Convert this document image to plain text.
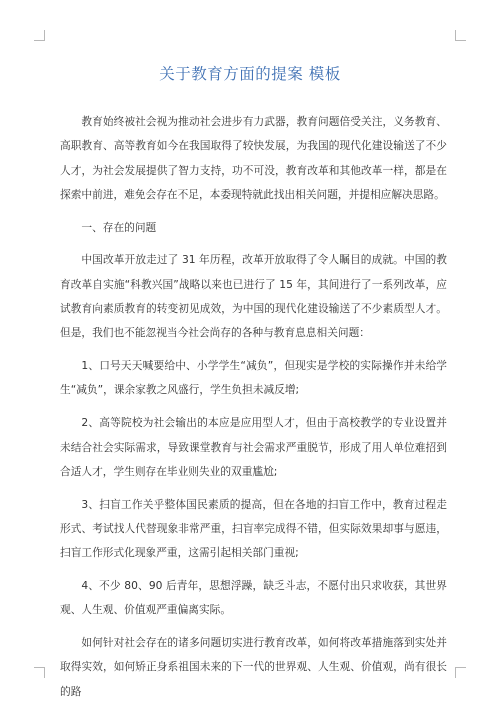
关于教育方面的提案 模板

教育始终被社会视为推动社会进步有力武器，教育问题倍受关注，义务教育、高职教育、高等教育如今在我国取得了较快发展，为我国的现代化建设输送了不少人才，为社会发展提供了智力支持，功不可没，教育改革和其他改革一样，都是在探索中前进，难免会存在不足，本委现特就此找出相关问题，并提相应解决思路。

一、存在的问题

中国改革开放走过了 31 年历程，改革开放取得了令人瞩目的成就。中国的教育改革自实施“科教兴国”战略以来也已进行了 15 年，其间进行了一系列改革，应试教育向素质教育的转变初见成效，为中国的现代化建设输送了不少素质型人才。但是，我们也不能忽视当今社会尚存的各种与教育息息相关问题：

1、口号天天喊要给中、小学学生“减负”，但现实是学校的实际操作并未给学生“减负”，课余家教之风盛行，学生负担未减反增;

2、高等院校为社会输出的本应是应用型人才，但由于高校教学的专业设置并未结合社会实际需求，导致课堂教育与社会需求严重脱节，形成了用人单位难招到合适人才，学生则存在毕业则失业的双重尴尬;

3、扫盲工作关乎整体国民素质的提高，但在各地的扫盲工作中，教育过程走形式、考试找人代替现象非常严重，扫盲率完成得不错，但实际效果却事与愿违，扫盲工作形式化现象严重，这需引起相关部门重视;

4、不少 80、90 后青年，思想浮躁，缺乏斗志，不愿付出只求收获，其世界观、人生观、价值观严重偏离实际。

如何针对社会存在的诸多问题切实进行教育改革，如何将改革措施落到实处并取得实效，如何矫正身系祖国未来的下一代的世界观、人生观、价值观，尚有很长的路
